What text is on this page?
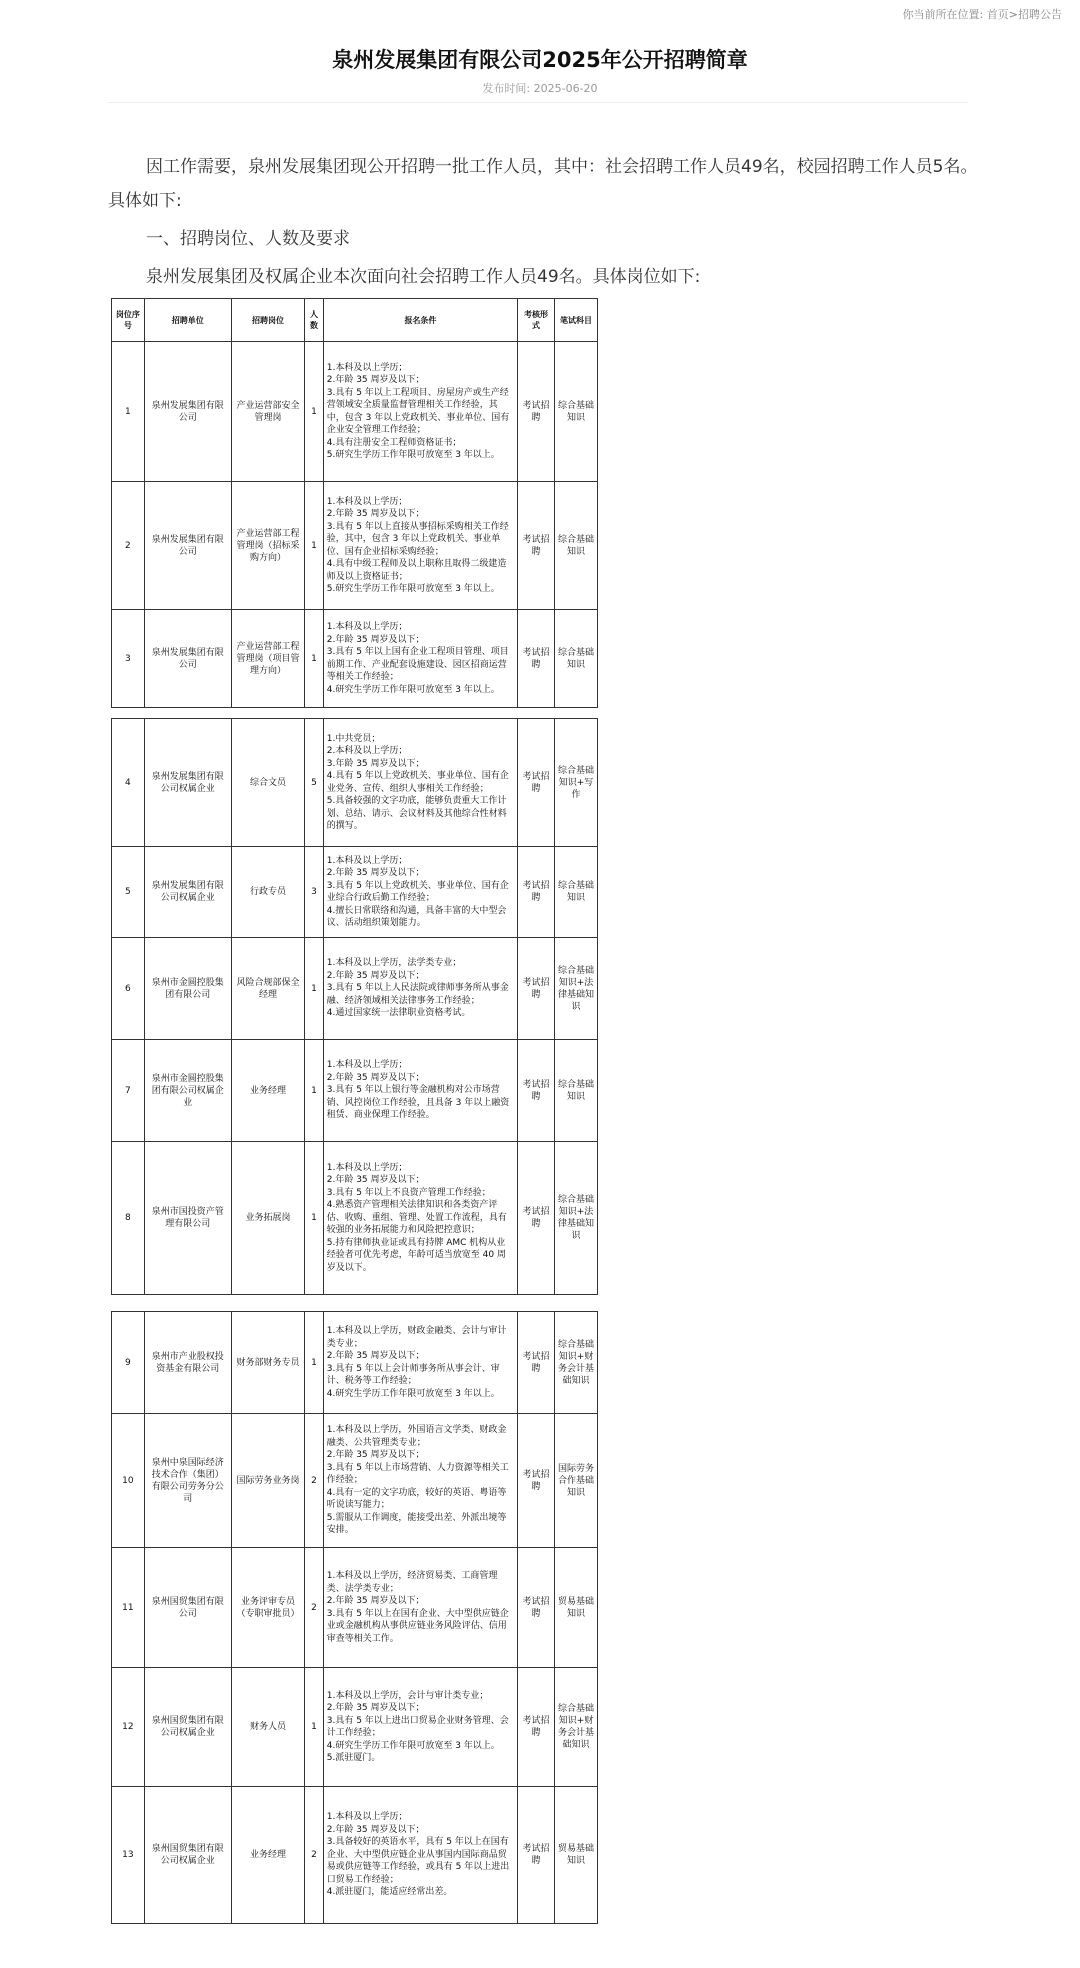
你当前所在位置: 首页>招聘公告
泉州发展集团有限公司2025年公开招聘简章
发布时间: 2025-06-20
因工作需要，泉州发展集团现公开招聘一批工作人员，其中：社会招聘工作人员49名，校园招聘工作人员5名。具体如下:
一、招聘岗位、人数及要求
泉州发展集团及权属企业本次面向社会招聘工作人员49名。具体岗位如下:
岗位序号	招聘单位	招聘岗位	人数	报名条件	考核形式	笔试科目
1	泉州发展集团有限公司	产业运营部安全管理岗	1	1.本科及以上学历；
2.年龄 35 周岁及以下；
3.具有 5 年以上工程项目、房屋房产或生产经营领域安全质量监督管理相关工作经验，其中，包含 3 年以上党政机关、事业单位、国有企业安全管理工作经验；
4.具有注册安全工程师资格证书；
5.研究生学历工作年限可放宽至 3 年以上。	考试招聘	综合基础知识
2	泉州发展集团有限公司	产业运营部工程管理岗（招标采购方向）	1	1.本科及以上学历；
2.年龄 35 周岁及以下；
3.具有 5 年以上直接从事招标采购相关工作经验，其中，包含 3 年以上党政机关、事业单位、国有企业招标采购经验；
4.具有中级工程师及以上职称且取得二级建造师及以上资格证书；
5.研究生学历工作年限可放宽至 3 年以上。	考试招聘	综合基础知识
3	泉州发展集团有限公司	产业运营部工程管理岗（项目管理方向）	1	1.本科及以上学历；
2.年龄 35 周岁及以下；
3.具有 5 年以上国有企业工程项目管理、项目前期工作、产业配套设施建设、园区招商运营等相关工作经验；
4.研究生学历工作年限可放宽至 3 年以上。	考试招聘	综合基础知识
4	泉州发展集团有限公司权属企业	综合文员	5	1.中共党员；
2.本科及以上学历；
3.年龄 35 周岁及以下；
4.具有 5 年以上党政机关、事业单位、国有企业党务、宣传、组织人事相关工作经验；
5.具备较强的文字功底，能够负责重大工作计划、总结、请示、会议材料及其他综合性材料的撰写。	考试招聘	综合基础知识+写作
5	泉州发展集团有限公司权属企业	行政专员	3	1.本科及以上学历；
2.年龄 35 周岁及以下；
3.具有 5 年以上党政机关、事业单位、国有企业综合行政后勤工作经验；
4.擅长日常联络和沟通，具备丰富的大中型会议、活动组织策划能力。	考试招聘	综合基础知识
6	泉州市金圆控股集团有限公司	风险合规部保全经理	1	1.本科及以上学历，法学类专业；
2.年龄 35 周岁及以下；
3.具有 5 年以上人民法院或律师事务所从事金融、经济领域相关法律事务工作经验；
4.通过国家统一法律职业资格考试。	考试招聘	综合基础知识+法律基础知识
7	泉州市金圆控股集团有限公司权属企业	业务经理	1	1.本科及以上学历；
2.年龄 35 周岁及以下；
3.具有 5 年以上银行等金融机构对公市场营销、风控岗位工作经验，且具备 3 年以上融资租赁、商业保理工作经验。	考试招聘	综合基础知识
8	泉州市国投资产管理有限公司	业务拓展岗	1	1.本科及以上学历；
2.年龄 35 周岁及以下；
3.具有 5 年以上不良资产管理工作经验；
4.熟悉资产管理相关法律知识和各类资产评估、收购、重组、管理、处置工作流程，具有较强的业务拓展能力和风险把控意识；
5.持有律师执业证或具有持牌 AMC 机构从业经验者可优先考虑，年龄可适当放宽至 40 周岁及以下。	考试招聘	综合基础知识+法律基础知识
9	泉州市产业股权投资基金有限公司	财务部财务专员	1	1.本科及以上学历，财政金融类、会计与审计类专业；
2.年龄 35 周岁及以下；
3.具有 5 年以上会计师事务所从事会计、审计、税务等工作经验；
4.研究生学历工作年限可放宽至 3 年以上。	考试招聘	综合基础知识+财务会计基础知识
10	泉州中泉国际经济技术合作（集团）有限公司劳务分公司	国际劳务业务岗	2	1.本科及以上学历，外国语言文学类、财政金融类、公共管理类专业；
2.年龄 35 周岁及以下；
3.具有 5 年以上市场营销、人力资源等相关工作经验；
4.具有一定的文字功底，较好的英语、粤语等听说读写能力；
5.需服从工作调度，能接受出差、外派出境等安排。	考试招聘	国际劳务合作基础知识
11	泉州国贸集团有限公司	业务评审专员（专职审批员）	2	1.本科及以上学历，经济贸易类、工商管理类、法学类专业；
2.年龄 35 周岁及以下；
3.具有 5 年以上在国有企业、大中型供应链企业或金融机构从事供应链业务风险评估、信用审查等相关工作。	考试招聘	贸易基础知识
12	泉州国贸集团有限公司权属企业	财务人员	1	1.本科及以上学历，会计与审计类专业；
2.年龄 35 周岁及以下；
3.具有 5 年以上进出口贸易企业财务管理、会计工作经验；
4.研究生学历工作年限可放宽至 3 年以上。
5.派驻厦门。	考试招聘	综合基础知识+财务会计基础知识
13	泉州国贸集团有限公司权属企业	业务经理	2	1.本科及以上学历；
2.年龄 35 周岁及以下；
3.具备较好的英语水平，具有 5 年以上在国有企业、大中型供应链企业从事国内国际商品贸易或供应链等工作经验，或具有 5 年以上进出口贸易工作经验；
4.派驻厦门，能适应经常出差。	考试招聘	贸易基础知识
